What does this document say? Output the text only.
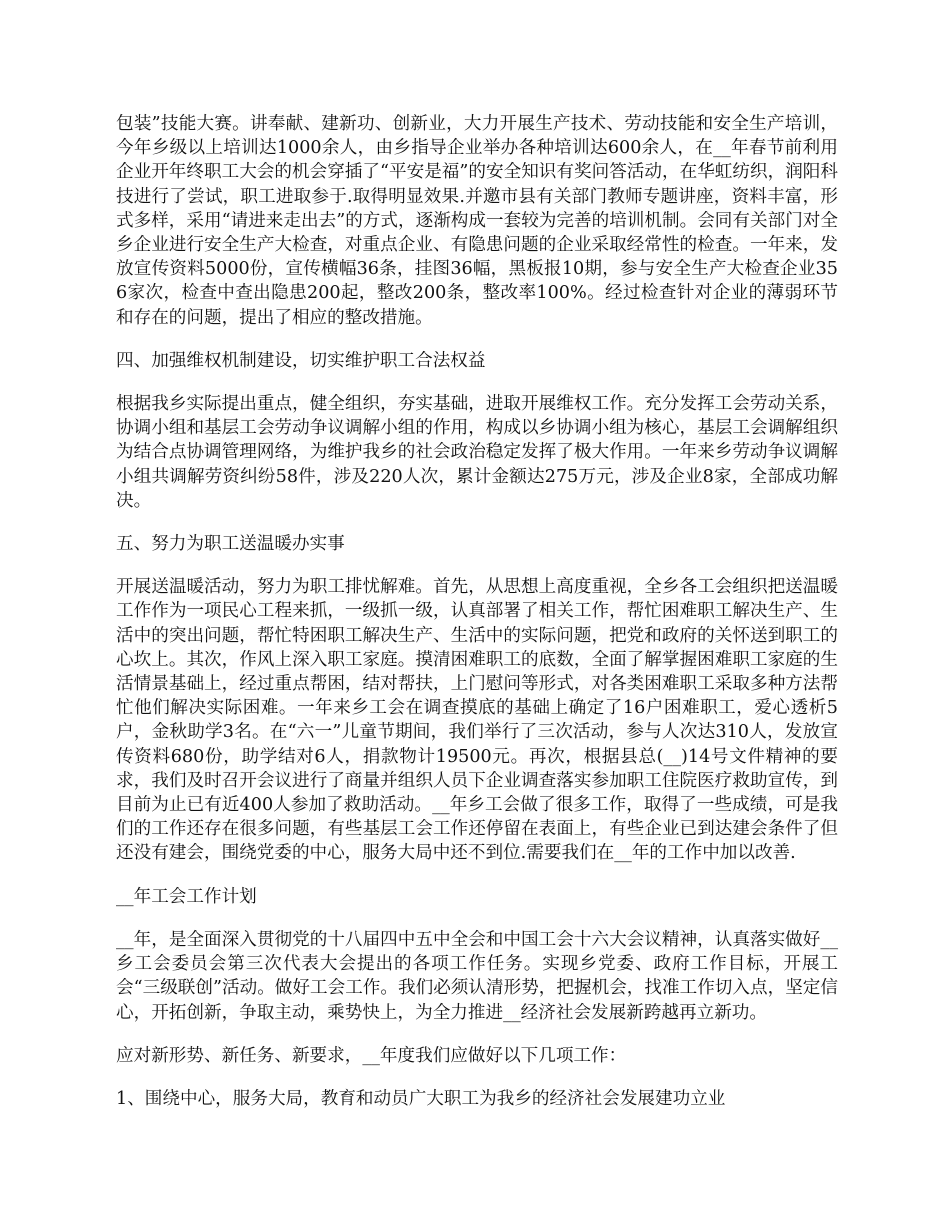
包装”技能大赛。讲奉献、建新功、创新业，大力开展生产技术、劳动技能和安全生产培训，今年乡级以上培训达1000余人，由乡指导企业举办各种培训达600余人，在__年春节前利用企业开年终职工大会的机会穿插了“平安是福”的安全知识有奖问答活动，在华虹纺织，润阳科技进行了尝试，职工进取参于.取得明显效果.并邀市县有关部门教师专题讲座，资料丰富，形式多样，采用“请进来走出去”的方式，逐渐构成一套较为完善的培训机制。会同有关部门对全乡企业进行安全生产大检查，对重点企业、有隐患问题的企业采取经常性的检查。一年来，发放宣传资料5000份，宣传横幅36条，挂图36幅，黑板报10期，参与安全生产大检查企业356家次，检查中查出隐患200起，整改200条，整改率100%。经过检查针对企业的薄弱环节和存在的问题，提出了相应的整改措施。

四、加强维权机制建设，切实维护职工合法权益

根据我乡实际提出重点，健全组织，夯实基础，进取开展维权工作。充分发挥工会劳动关系，协调小组和基层工会劳动争议调解小组的作用，构成以乡协调小组为核心，基层工会调解组织为结合点协调管理网络，为维护我乡的社会政治稳定发挥了极大作用。一年来乡劳动争议调解小组共调解劳资纠纷58件，涉及220人次，累计金额达275万元，涉及企业8家，全部成功解决。

五、努力为职工送温暖办实事

开展送温暖活动，努力为职工排忧解难。首先，从思想上高度重视，全乡各工会组织把送温暖工作作为一项民心工程来抓，一级抓一级，认真部署了相关工作，帮忙困难职工解决生产、生活中的突出问题，帮忙特困职工解决生产、生活中的实际问题，把党和政府的关怀送到职工的心坎上。其次，作风上深入职工家庭。摸清困难职工的底数，全面了解掌握困难职工家庭的生活情景基础上，经过重点帮困，结对帮扶，上门慰问等形式，对各类困难职工采取多种方法帮忙他们解决实际困难。一年来乡工会在调查摸底的基础上确定了16户困难职工，爱心透析5户，金秋助学3名。在“六一”儿童节期间，我们举行了三次活动，参与人次达310人，发放宣传资料680份，助学结对6人，捐款物计19500元。再次，根据县总(__)14号文件精神的要求，我们及时召开会议进行了商量并组织人员下企业调查落实参加职工住院医疗救助宣传，到目前为止已有近400人参加了救助活动。__年乡工会做了很多工作，取得了一些成绩，可是我们的工作还存在很多问题，有些基层工会工作还停留在表面上，有些企业已到达建会条件了但还没有建会，围绕党委的中心，服务大局中还不到位.需要我们在__年的工作中加以改善.

__年工会工作计划

__年，是全面深入贯彻党的十八届四中五中全会和中国工会十六大会议精神，认真落实做好__乡工会委员会第三次代表大会提出的各项工作任务。实现乡党委、政府工作目标，开展工会“三级联创”活动。做好工会工作。我们必须认清形势，把握机会，找准工作切入点，坚定信心，开拓创新，争取主动，乘势快上，为全力推进__经济社会发展新跨越再立新功。

应对新形势、新任务、新要求，__年度我们应做好以下几项工作：

1、围绕中心，服务大局，教育和动员广大职工为我乡的经济社会发展建功立业
